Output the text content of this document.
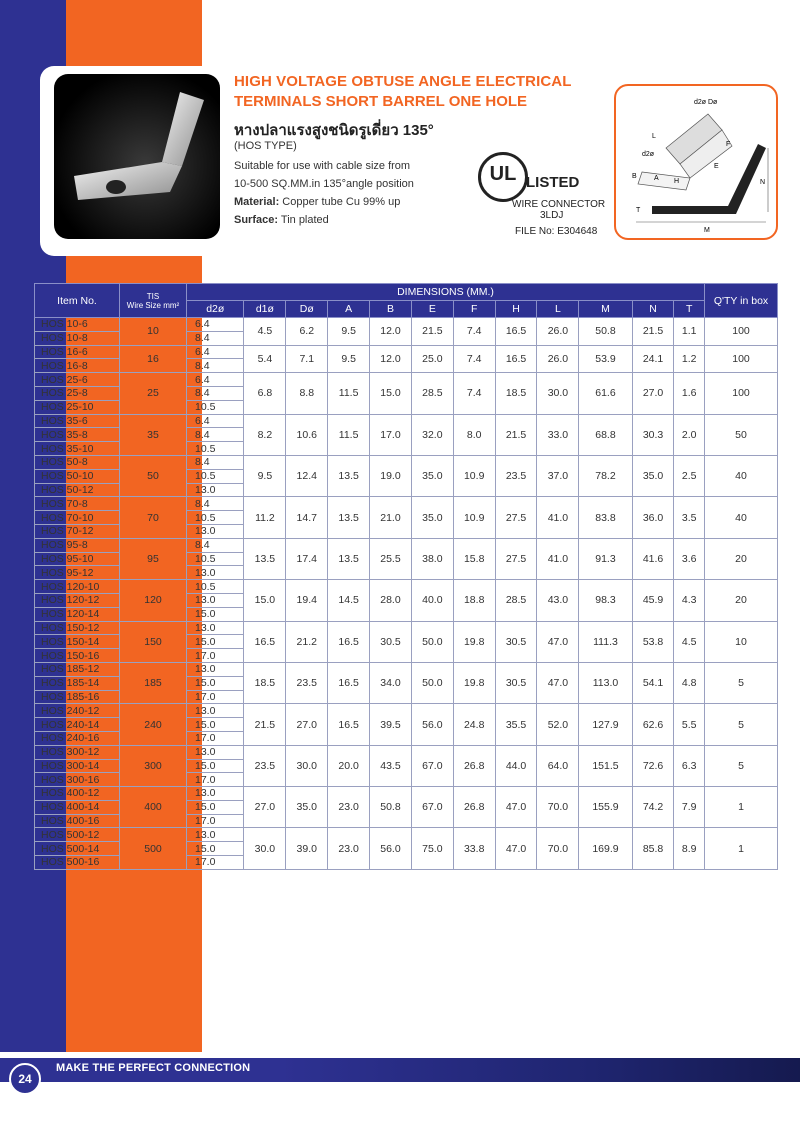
HIGH VOLTAGE OBTUSE ANGLE ELECTRICAL
TERMINALS SHORT BARREL ONE HOLE
หางปลาแรงสูงชนิดรูเดี่ยว 135°
(HOS TYPE)
Suitable for use with cable size from
10-500 SQ.MM.in 135°angle position
Material: Copper tube Cu 99% up
Surface: Tin plated
UL LISTED
WIRE CONNECTOR
3LDJ
FILE No: E304648
d2ø Dø
L
d2ø
B A H
E
F
N
T
M
Item No.	TIS
Wire Size mm²	DIMENSIONS (MM.)												Q'TY in box
		d2ø	d1ø	Dø	A	B	E	F	H	L	M	N	T	
HOS 10-6	10	6.4	4.5	6.2	9.5	12.0	21.5	7.4	16.5	26.0	50.8	21.5	1.1	100
HOS 10-8		8.4												
HOS 16-6	16	6.4	5.4	7.1	9.5	12.0	25.0	7.4	16.5	26.0	53.9	24.1	1.2	100
HOS 16-8		8.4												
HOS 25-6	25	6.4	6.8	8.8	11.5	15.0	28.5	7.4	18.5	30.0	61.6	27.0	1.6	100
HOS 25-8		8.4												
HOS 25-10		10.5												
HOS 35-6	35	6.4	8.2	10.6	11.5	17.0	32.0	8.0	21.5	33.0	68.8	30.3	2.0	50
HOS 35-8		8.4												
HOS 35-10		10.5												
HOS 50-8	50	8.4	9.5	12.4	13.5	19.0	35.0	10.9	23.5	37.0	78.2	35.0	2.5	40
HOS 50-10		10.5												
HOS 50-12		13.0												
HOS 70-8	70	8.4	11.2	14.7	13.5	21.0	35.0	10.9	27.5	41.0	83.8	36.0	3.5	40
HOS 70-10		10.5												
HOS 70-12		13.0												
HOS 95-8	95	8.4	13.5	17.4	13.5	25.5	38.0	15.8	27.5	41.0	91.3	41.6	3.6	20
HOS 95-10		10.5												
HOS 95-12		13.0												
HOS 120-10	120	10.5	15.0	19.4	14.5	28.0	40.0	18.8	28.5	43.0	98.3	45.9	4.3	20
HOS 120-12		13.0												
HOS 120-14		15.0												
HOS 150-12	150	13.0	16.5	21.2	16.5	30.5	50.0	19.8	30.5	47.0	111.3	53.8	4.5	10
HOS 150-14		15.0												
HOS 150-16		17.0												
HOS 185-12	185	13.0	18.5	23.5	16.5	34.0	50.0	19.8	30.5	47.0	113.0	54.1	4.8	5
HOS 185-14		15.0												
HOS 185-16		17.0												
HOS 240-12	240	13.0	21.5	27.0	16.5	39.5	56.0	24.8	35.5	52.0	127.9	62.6	5.5	5
HOS 240-14		15.0												
HOS 240-16		17.0												
HOS 300-12	300	13.0	23.5	30.0	20.0	43.5	67.0	26.8	44.0	64.0	151.5	72.6	6.3	5
HOS 300-14		15.0												
HOS 300-16		17.0												
HOS 400-12	400	13.0	27.0	35.0	23.0	50.8	67.0	26.8	47.0	70.0	155.9	74.2	7.9	1
HOS 400-14		15.0												
HOS 400-16		17.0												
HOS 500-12	500	13.0	30.0	39.0	23.0	56.0	75.0	33.8	47.0	70.0	169.9	85.8	8.9	1
HOS 500-14		15.0												
HOS 500-16		17.0												
24
MAKE THE PERFECT CONNECTION
